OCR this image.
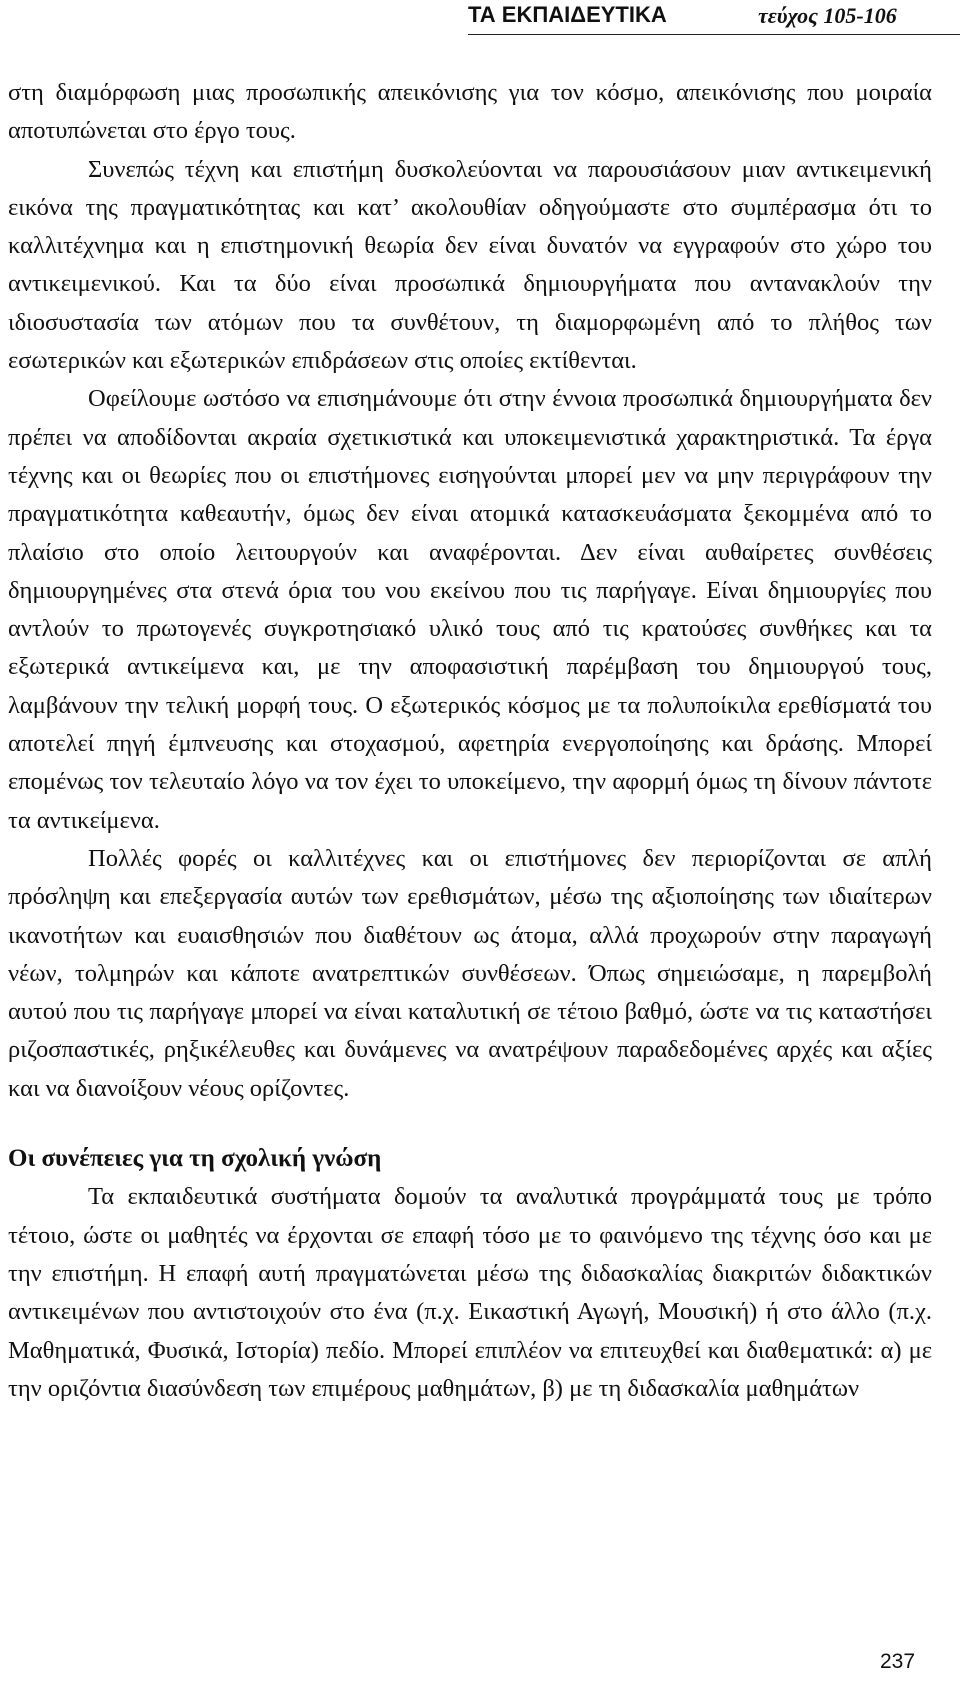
ΤΑ ΕΚΠΑΙΔΕΥΤΙΚΑ	τεύχος 105-106

στη διαμόρφωση μιας προσωπικής απεικόνισης για τον κόσμο, απεικόνισης που μοιραία αποτυπώνεται στο έργο τους.

Συνεπώς τέχνη και επιστήμη δυσκολεύονται να παρουσιάσουν μιαν αντικειμενική εικόνα της πραγματικότητας και κατ’ ακολουθίαν οδηγούμαστε στο συμπέρασμα ότι το καλλιτέχνημα και η επιστημονική θεωρία δεν είναι δυνατόν να εγγραφούν στο χώρο του αντικειμενικού. Και τα δύο είναι προσωπικά δημιουργήματα που αντανακλούν την ιδιοσυστασία των ατόμων που τα συνθέτουν, τη διαμορφωμένη από το πλήθος των εσωτερικών και εξωτερικών επιδράσεων στις οποίες εκτίθενται.

Οφείλουμε ωστόσο να επισημάνουμε ότι στην έννοια προσωπικά δημιουργήματα δεν πρέπει να αποδίδονται ακραία σχετικιστικά και υποκειμενιστικά χαρακτηριστικά. Τα έργα τέχνης και οι θεωρίες που οι επιστήμονες εισηγούνται μπορεί μεν να μην περιγράφουν την πραγματικότητα καθεαυτήν, όμως δεν είναι ατομικά κατασκευάσματα ξεκομμένα από το πλαίσιο στο οποίο λειτουργούν και αναφέρονται. Δεν είναι αυθαίρετες συνθέσεις δημιουργημένες στα στενά όρια του νου εκείνου που τις παρήγαγε. Είναι δημιουργίες που αντλούν το πρωτογενές συγκροτησιακό υλικό τους από τις κρατούσες συνθήκες και τα εξωτερικά αντικείμενα και, με την αποφασιστική παρέμβαση του δημιουργού τους, λαμβάνουν την τελική μορφή τους. Ο εξωτερικός κόσμος με τα πολυποίκιλα ερεθίσματά του αποτελεί πηγή έμπνευσης και στοχασμού, αφετηρία ενεργοποίησης και δράσης. Μπορεί επομένως τον τελευταίο λόγο να τον έχει το υποκείμενο, την αφορμή όμως τη δίνουν πάντοτε τα αντικείμενα.

Πολλές φορές οι καλλιτέχνες και οι επιστήμονες δεν περιορίζονται σε απλή πρόσληψη και επεξεργασία αυτών των ερεθισμάτων, μέσω της αξιοποίησης των ιδιαίτερων ικανοτήτων και ευαισθησιών που διαθέτουν ως άτομα, αλλά προχωρούν στην παραγωγή νέων, τολμηρών και κάποτε ανατρεπτικών συνθέσεων. Όπως σημειώσαμε, η παρεμβολή αυτού που τις παρήγαγε μπορεί να είναι καταλυτική σε τέτοιο βαθμό, ώστε να τις καταστήσει ριζοσπαστικές, ρηξικέλευθες και δυνάμενες να ανατρέψουν παραδεδομένες αρχές και αξίες και να διανοίξουν νέους ορίζοντες.

Οι συνέπειες για τη σχολική γνώση

Τα εκπαιδευτικά συστήματα δομούν τα αναλυτικά προγράμματά τους με τρόπο τέτοιο, ώστε οι μαθητές να έρχονται σε επαφή τόσο με το φαινόμενο της τέχνης όσο και με την επιστήμη. Η επαφή αυτή πραγματώνεται μέσω της διδασκαλίας διακριτών διδακτικών αντικειμένων που αντιστοιχούν στο ένα (π.χ. Εικαστική Αγωγή, Μουσική) ή στο άλλο (π.χ. Μαθηματικά, Φυσικά, Ιστορία) πεδίο. Μπορεί επιπλέον να επιτευχθεί και διαθεματικά: α) με την οριζόντια διασύνδεση των επιμέρους μαθημάτων, β) με τη διδασκαλία μαθημάτων

237
